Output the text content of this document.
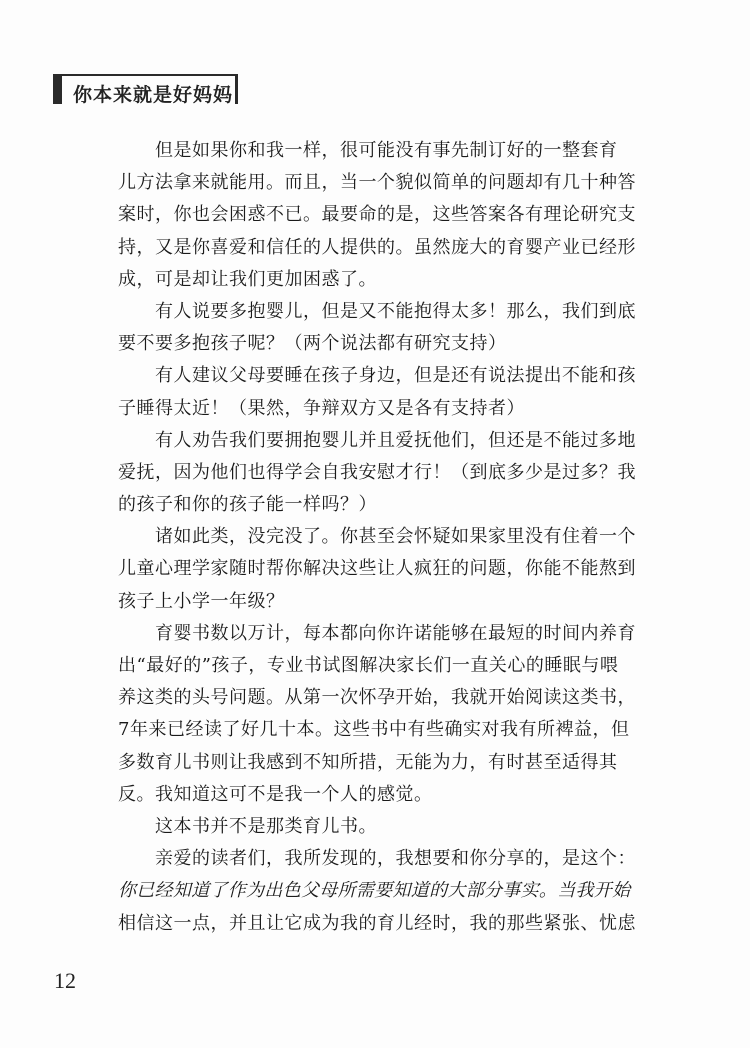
你本来就是好妈妈
但是如果你和我一样，很可能没有事先制订好的一整套育
儿方法拿来就能用。而且，当一个貌似简单的问题却有几十种答
案时，你也会困惑不已。最要命的是，这些答案各有理论研究支
持，又是你喜爱和信任的人提供的。虽然庞大的育婴产业已经形
成，可是却让我们更加困惑了。
有人说要多抱婴儿，但是又不能抱得太多！那么，我们到底
要不要多抱孩子呢？（两个说法都有研究支持）
有人建议父母要睡在孩子身边，但是还有说法提出不能和孩
子睡得太近！（果然，争辩双方又是各有支持者）
有人劝告我们要拥抱婴儿并且爱抚他们，但还是不能过多地
爱抚，因为他们也得学会自我安慰才行！（到底多少是过多？我
的孩子和你的孩子能一样吗？）
诸如此类，没完没了。你甚至会怀疑如果家里没有住着一个
儿童心理学家随时帮你解决这些让人疯狂的问题，你能不能熬到
孩子上小学一年级？
育婴书数以万计，每本都向你许诺能够在最短的时间内养育
出“最好的”孩子，专业书试图解决家长们一直关心的睡眠与喂
养这类的头号问题。从第一次怀孕开始，我就开始阅读这类书，
7年来已经读了好几十本。这些书中有些确实对我有所裨益，但
多数育儿书则让我感到不知所措，无能为力，有时甚至适得其
反。我知道这可不是我一个人的感觉。
这本书并不是那类育儿书。
亲爱的读者们，我所发现的，我想要和你分享的，是这个：
你已经知道了作为出色父母所需要知道的大部分事实。当我开始
相信这一点，并且让它成为我的育儿经时，我的那些紧张、忧虑
12
